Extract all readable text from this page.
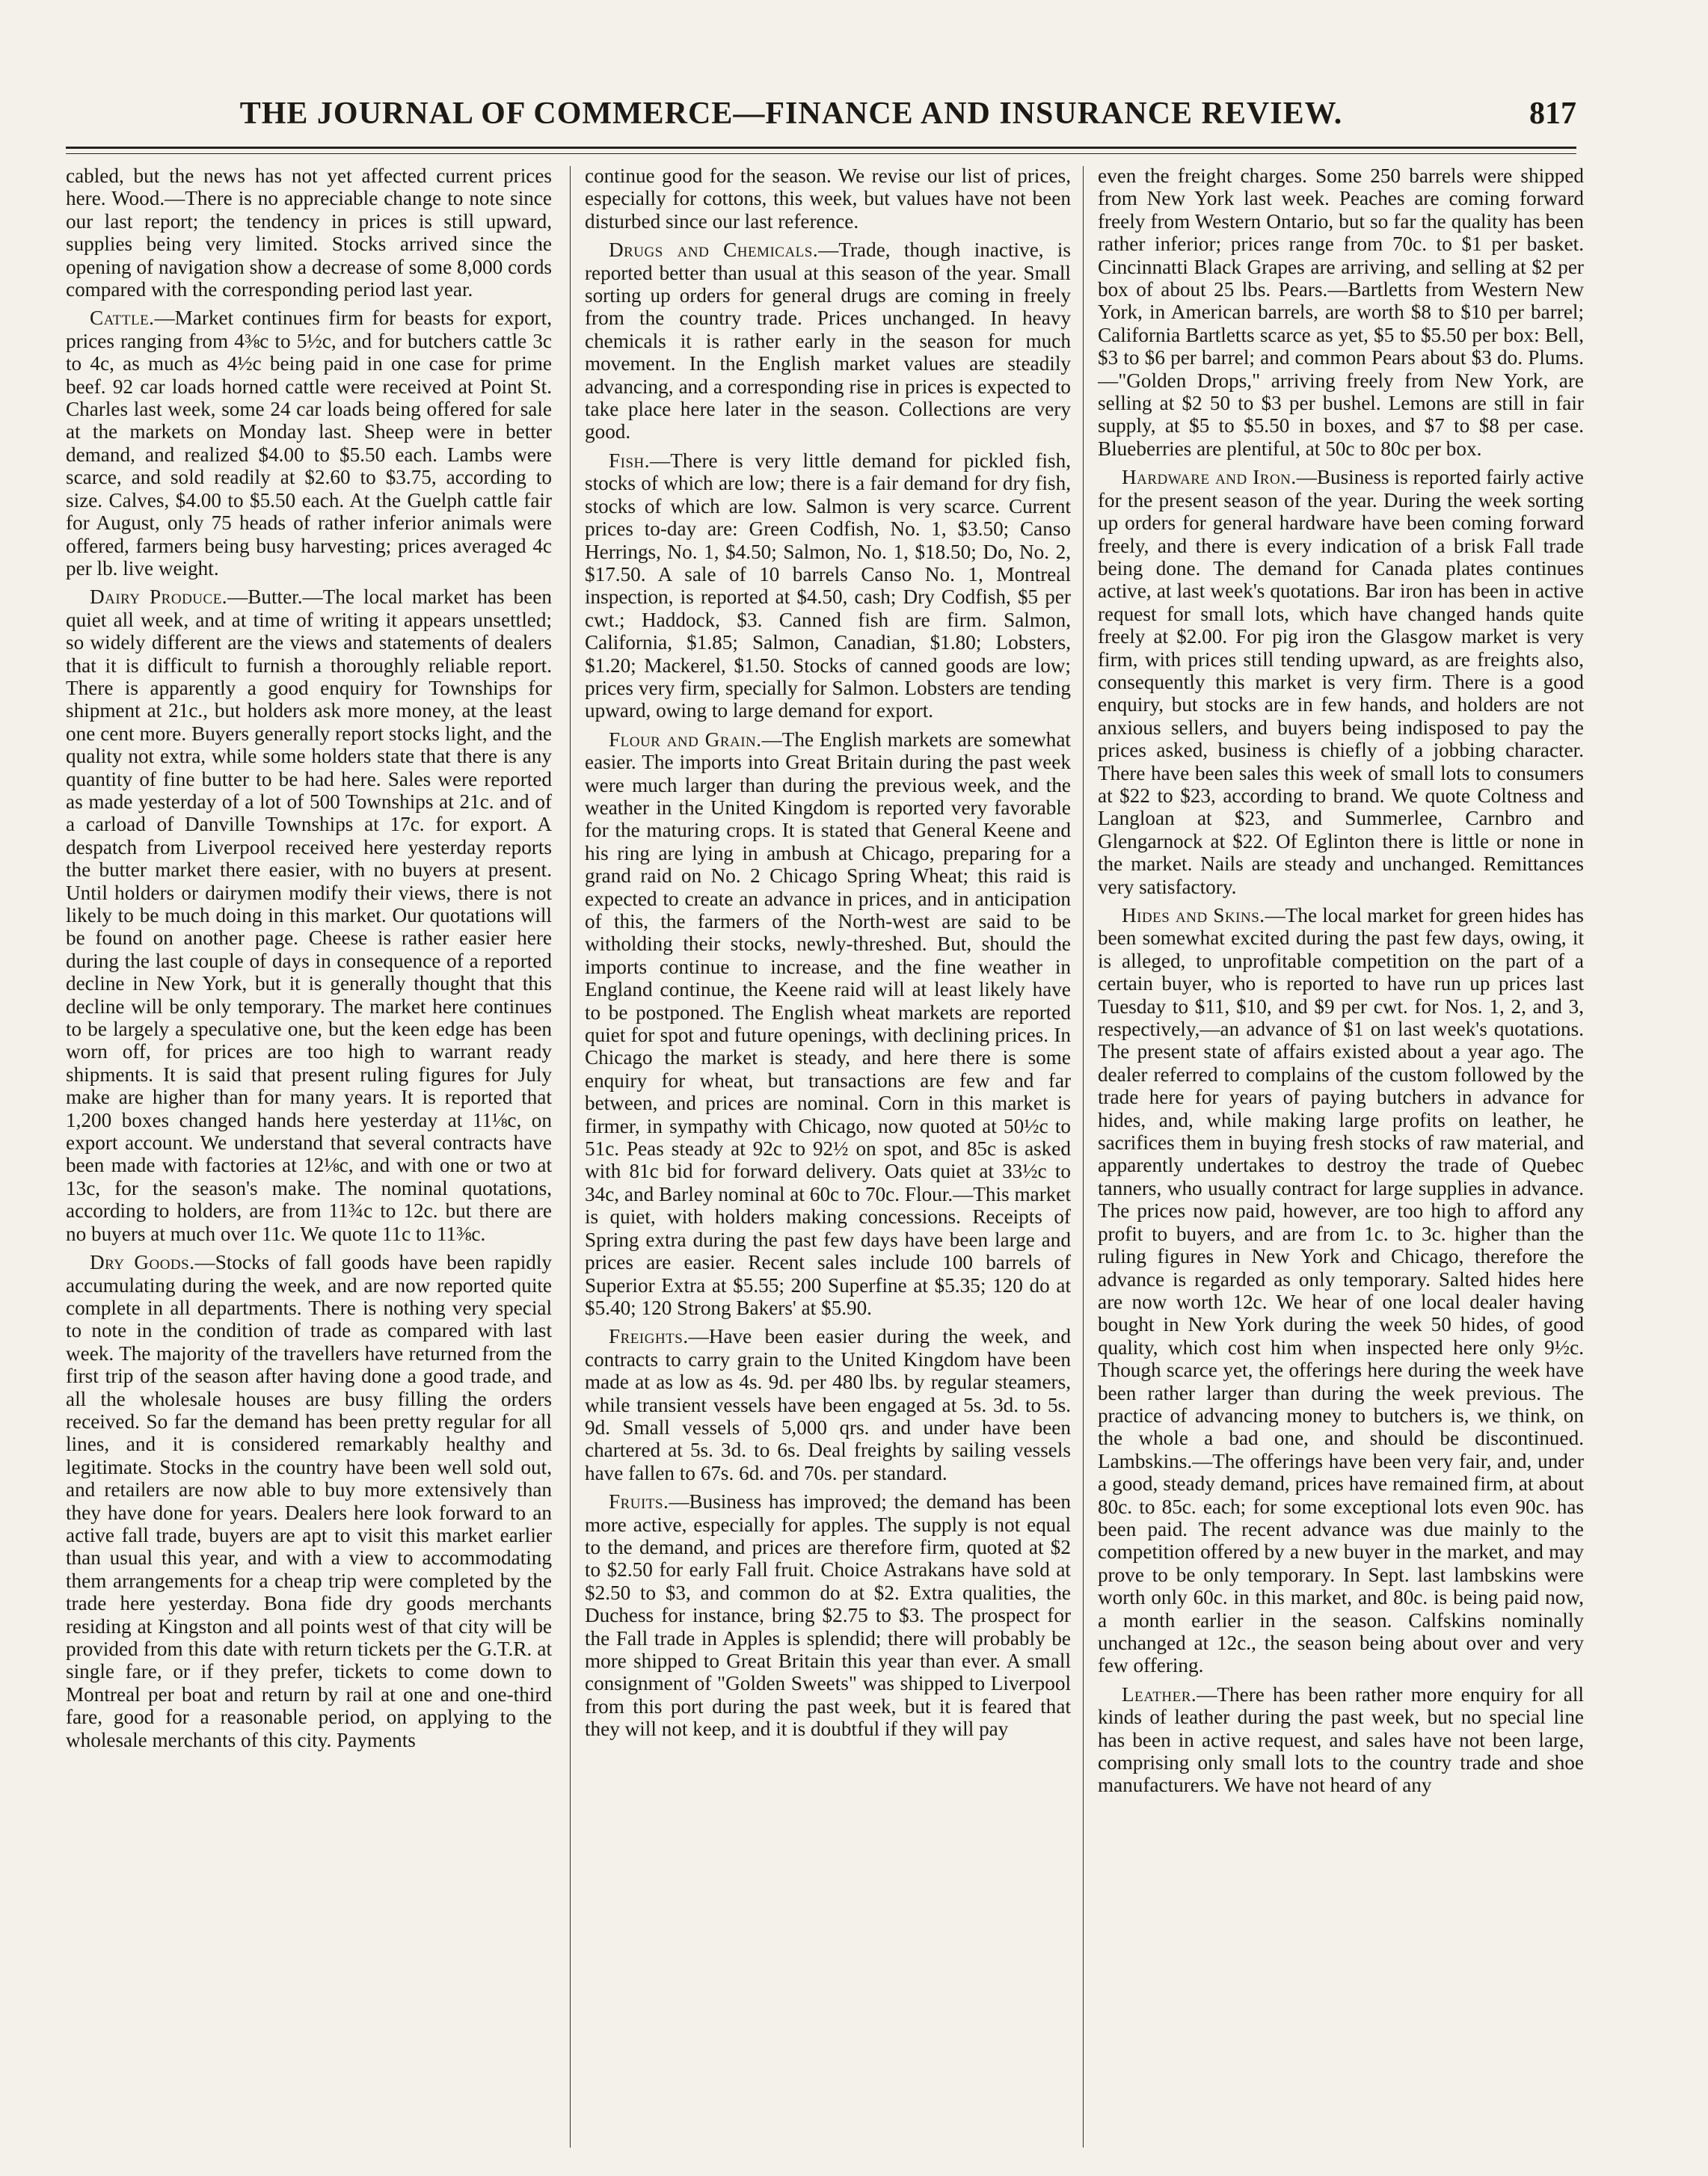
THE JOURNAL OF COMMERCE—FINANCE AND INSURANCE REVIEW.	817

cabled, but the news has not yet affected current prices here. Wood.—There is no appreciable change to note since our last report; the tendency in prices is still upward, supplies being very limited. Stocks arrived since the opening of navigation show a decrease of some 8,000 cords compared with the corresponding period last year.

Cattle.—Market continues firm for beasts for export, prices ranging from 4⅜c to 5½c, and for butchers cattle 3c to 4c, as much as 4½c being paid in one case for prime beef. 92 car loads horned cattle were received at Point St. Charles last week, some 24 car loads being offered for sale at the markets on Monday last. Sheep were in better demand, and realized $4.00 to $5.50 each. Lambs were scarce, and sold readily at $2.60 to $3.75, according to size. Calves, $4.00 to $5.50 each. At the Guelph cattle fair for August, only 75 heads of rather inferior animals were offered, farmers being busy harvesting; prices averaged 4c per lb. live weight.

Dairy Produce.—Butter.—The local market has been quiet all week, and at time of writing it appears unsettled; so widely different are the views and statements of dealers that it is difficult to furnish a thoroughly reliable report. There is apparently a good enquiry for Townships for shipment at 21c., but holders ask more money, at the least one cent more. Buyers generally report stocks light, and the quality not extra, while some holders state that there is any quantity of fine butter to be had here. Sales were reported as made yesterday of a lot of 500 Townships at 21c. and of a carload of Danville Townships at 17c. for export. A despatch from Liverpool received here yesterday reports the butter market there easier, with no buyers at present. Until holders or dairymen modify their views, there is not likely to be much doing in this market. Our quotations will be found on another page. Cheese is rather easier here during the last couple of days in consequence of a reported decline in New York, but it is generally thought that this decline will be only temporary. The market here continues to be largely a speculative one, but the keen edge has been worn off, for prices are too high to warrant ready shipments. It is said that present ruling figures for July make are higher than for many years. It is reported that 1,200 boxes changed hands here yesterday at 11⅛c, on export account. We understand that several contracts have been made with factories at 12⅛c, and with one or two at 13c, for the season's make. The nominal quotations, according to holders, are from 11¾c to 12c. but there are no buyers at much over 11c. We quote 11c to 11⅜c.

Dry Goods.—Stocks of fall goods have been rapidly accumulating during the week, and are now reported quite complete in all departments. There is nothing very special to note in the condition of trade as compared with last week. The majority of the travellers have returned from the first trip of the season after having done a good trade, and all the wholesale houses are busy filling the orders received. So far the demand has been pretty regular for all lines, and it is considered remarkably healthy and legitimate. Stocks in the country have been well sold out, and retailers are now able to buy more extensively than they have done for years. Dealers here look forward to an active fall trade, buyers are apt to visit this market earlier than usual this year, and with a view to accommodating them arrangements for a cheap trip were completed by the trade here yesterday. Bona fide dry goods merchants residing at Kingston and all points west of that city will be provided from this date with return tickets per the G.T.R. at single fare, or if they prefer, tickets to come down to Montreal per boat and return by rail at one and one-third fare, good for a reasonable period, on applying to the wholesale merchants of this city. Payments

continue good for the season. We revise our list of prices, especially for cottons, this week, but values have not been disturbed since our last reference.

Drugs and Chemicals.—Trade, though inactive, is reported better than usual at this season of the year. Small sorting up orders for general drugs are coming in freely from the country trade. Prices unchanged. In heavy chemicals it is rather early in the season for much movement. In the English market values are steadily advancing, and a corresponding rise in prices is expected to take place here later in the season. Collections are very good.

Fish.—There is very little demand for pickled fish, stocks of which are low; there is a fair demand for dry fish, stocks of which are low. Salmon is very scarce. Current prices to-day are: Green Codfish, No. 1, $3.50; Canso Herrings, No. 1, $4.50; Salmon, No. 1, $18.50; Do, No. 2, $17.50. A sale of 10 barrels Canso No. 1, Montreal inspection, is reported at $4.50, cash; Dry Codfish, $5 per cwt.; Haddock, $3. Canned fish are firm. Salmon, California, $1.85; Salmon, Canadian, $1.80; Lobsters, $1.20; Mackerel, $1.50. Stocks of canned goods are low; prices very firm, specially for Salmon. Lobsters are tending upward, owing to large demand for export.

Flour and Grain.—The English markets are somewhat easier. The imports into Great Britain during the past week were much larger than during the previous week, and the weather in the United Kingdom is reported very favorable for the maturing crops. It is stated that General Keene and his ring are lying in ambush at Chicago, preparing for a grand raid on No. 2 Chicago Spring Wheat; this raid is expected to create an advance in prices, and in anticipation of this, the farmers of the North-west are said to be witholding their stocks, newly-threshed. But, should the imports continue to increase, and the fine weather in England continue, the Keene raid will at least likely have to be postponed. The English wheat markets are reported quiet for spot and future openings, with declining prices. In Chicago the market is steady, and here there is some enquiry for wheat, but transactions are few and far between, and prices are nominal. Corn in this market is firmer, in sympathy with Chicago, now quoted at 50½c to 51c. Peas steady at 92c to 92½ on spot, and 85c is asked with 81c bid for forward delivery. Oats quiet at 33½c to 34c, and Barley nominal at 60c to 70c. Flour.—This market is quiet, with holders making concessions. Receipts of Spring extra during the past few days have been large and prices are easier. Recent sales include 100 barrels of Superior Extra at $5.55; 200 Superfine at $5.35; 120 do at $5.40; 120 Strong Bakers' at $5.90.

Freights.—Have been easier during the week, and contracts to carry grain to the United Kingdom have been made at as low as 4s. 9d. per 480 lbs. by regular steamers, while transient vessels have been engaged at 5s. 3d. to 5s. 9d. Small vessels of 5,000 qrs. and under have been chartered at 5s. 3d. to 6s. Deal freights by sailing vessels have fallen to 67s. 6d. and 70s. per standard.

Fruits.—Business has improved; the demand has been more active, especially for apples. The supply is not equal to the demand, and prices are therefore firm, quoted at $2 to $2.50 for early Fall fruit. Choice Astrakans have sold at $2.50 to $3, and common do at $2. Extra qualities, the Duchess for instance, bring $2.75 to $3. The prospect for the Fall trade in Apples is splendid; there will probably be more shipped to Great Britain this year than ever. A small consignment of "Golden Sweets" was shipped to Liverpool from this port during the past week, but it is feared that they will not keep, and it is doubtful if they will pay

even the freight charges. Some 250 barrels were shipped from New York last week. Peaches are coming forward freely from Western Ontario, but so far the quality has been rather inferior; prices range from 70c. to $1 per basket. Cincinnatti Black Grapes are arriving, and selling at $2 per box of about 25 lbs. Pears.—Bartletts from Western New York, in American barrels, are worth $8 to $10 per barrel; California Bartletts scarce as yet, $5 to $5.50 per box: Bell, $3 to $6 per barrel; and common Pears about $3 do. Plums.—"Golden Drops," arriving freely from New York, are selling at $2 50 to $3 per bushel. Lemons are still in fair supply, at $5 to $5.50 in boxes, and $7 to $8 per case. Blueberries are plentiful, at 50c to 80c per box.

Hardware and Iron.—Business is reported fairly active for the present season of the year. During the week sorting up orders for general hardware have been coming forward freely, and there is every indication of a brisk Fall trade being done. The demand for Canada plates continues active, at last week's quotations. Bar iron has been in active request for small lots, which have changed hands quite freely at $2.00. For pig iron the Glasgow market is very firm, with prices still tending upward, as are freights also, consequently this market is very firm. There is a good enquiry, but stocks are in few hands, and holders are not anxious sellers, and buyers being indisposed to pay the prices asked, business is chiefly of a jobbing character. There have been sales this week of small lots to consumers at $22 to $23, according to brand. We quote Coltness and Langloan at $23, and Summerlee, Carnbro and Glengarnock at $22. Of Eglinton there is little or none in the market. Nails are steady and unchanged. Remittances very satisfactory.

Hides and Skins.—The local market for green hides has been somewhat excited during the past few days, owing, it is alleged, to unprofitable competition on the part of a certain buyer, who is reported to have run up prices last Tuesday to $11, $10, and $9 per cwt. for Nos. 1, 2, and 3, respectively,—an advance of $1 on last week's quotations. The present state of affairs existed about a year ago. The dealer referred to complains of the custom followed by the trade here for years of paying butchers in advance for hides, and, while making large profits on leather, he sacrifices them in buying fresh stocks of raw material, and apparently undertakes to destroy the trade of Quebec tanners, who usually contract for large supplies in advance. The prices now paid, however, are too high to afford any profit to buyers, and are from 1c. to 3c. higher than the ruling figures in New York and Chicago, therefore the advance is regarded as only temporary. Salted hides here are now worth 12c. We hear of one local dealer having bought in New York during the week 50 hides, of good quality, which cost him when inspected here only 9½c. Though scarce yet, the offerings here during the week have been rather larger than during the week previous. The practice of advancing money to butchers is, we think, on the whole a bad one, and should be discontinued. Lambskins.—The offerings have been very fair, and, under a good, steady demand, prices have remained firm, at about 80c. to 85c. each; for some exceptional lots even 90c. has been paid. The recent advance was due mainly to the competition offered by a new buyer in the market, and may prove to be only temporary. In Sept. last lambskins were worth only 60c. in this market, and 80c. is being paid now, a month earlier in the season. Calfskins nominally unchanged at 12c., the season being about over and very few offering.

Leather.—There has been rather more enquiry for all kinds of leather during the past week, but no special line has been in active request, and sales have not been large, comprising only small lots to the country trade and shoe manufacturers. We have not heard of any
